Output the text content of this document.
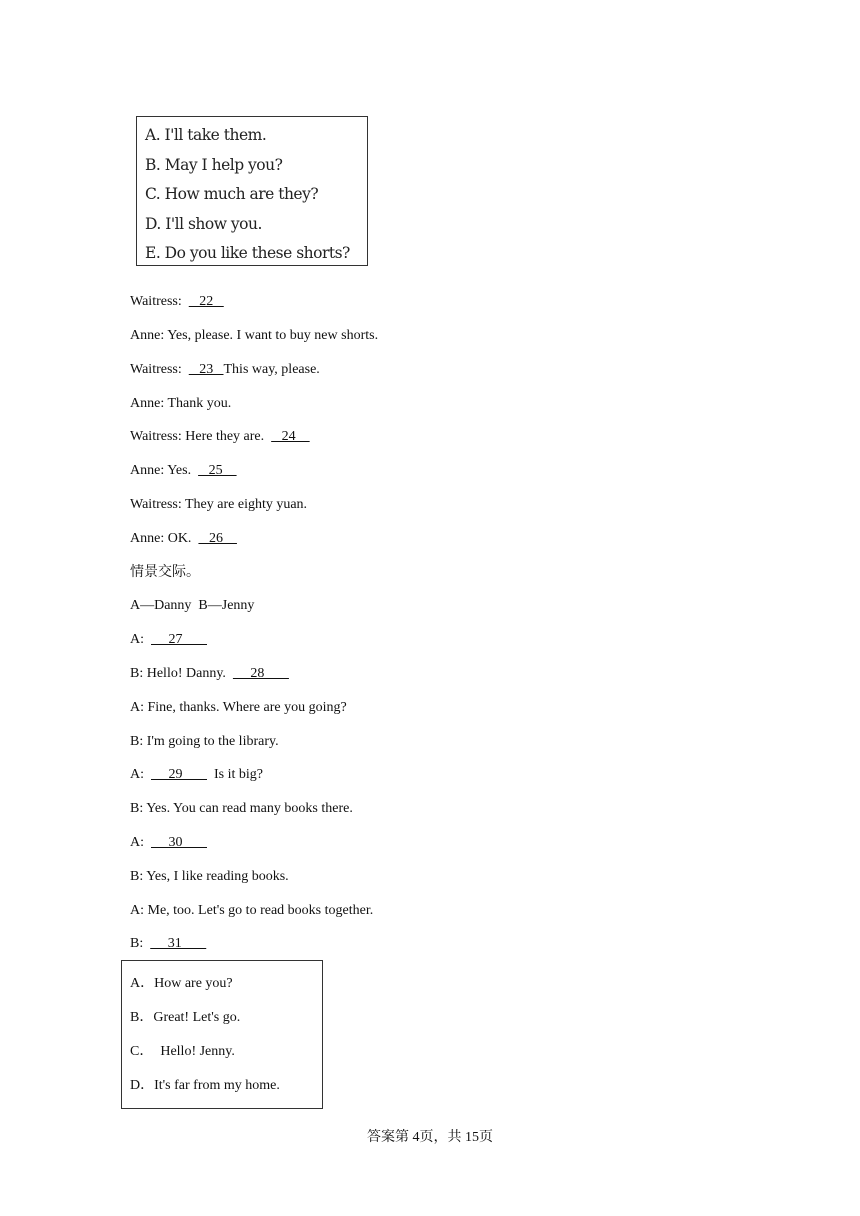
A. I'll take them.
B. May I help you?
C. How much are they?
D. I'll show you.
E. Do you like these shorts?
Waitress:     22
Anne: Yes, please. I want to buy new shorts.
Waitress:     23   This way, please.
Anne: Thank you.
Waitress: Here they are.     24
Anne: Yes.     25
Waitress: They are eighty yuan.
Anne: OK.     26
情景交际。
A—Danny  B—Jenny
A:       27
B: Hello! Danny.       28
A: Fine, thanks. Where are you going?
B: I'm going to the library.
A:       29         Is it big?
B: Yes. You can read many books there.
A:       30
B: Yes, I like reading books.
A: Me, too. Let's go to read books together.
B:       31
A．How are you?
B．Great! Let's go.
C．  Hello! Jenny.
D．It's far from my home.
答案第 4页，共 15页
